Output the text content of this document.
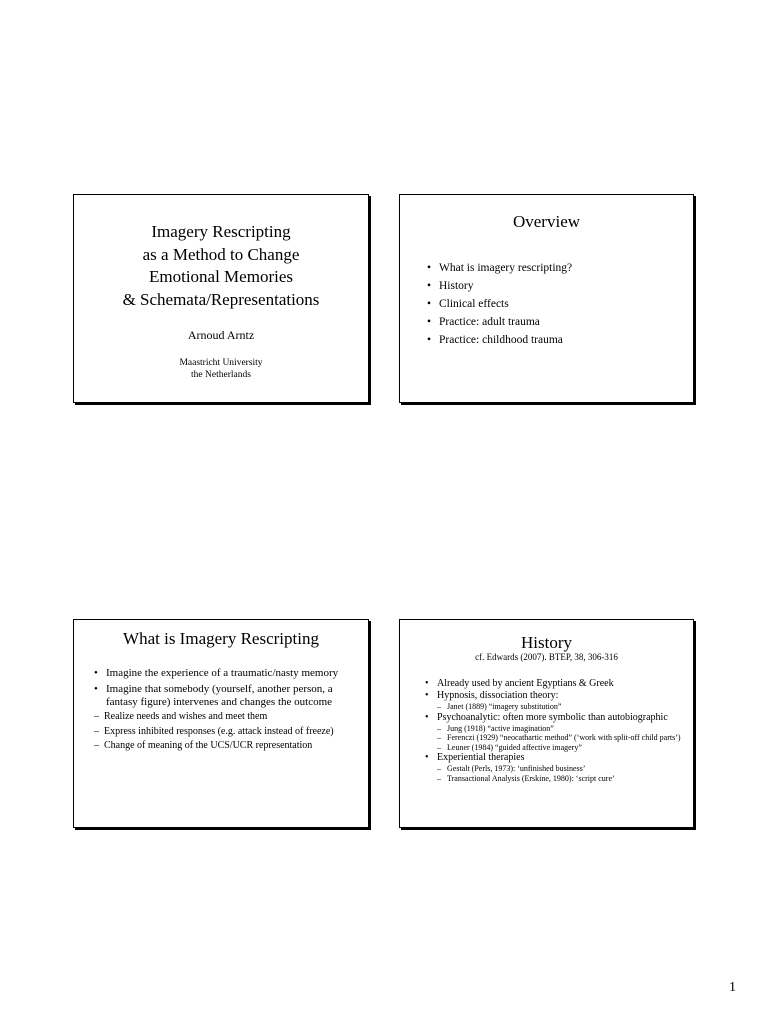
Imagery Rescripting
as a Method to Change
Emotional Memories
& Schemata/Representations
Arnoud Arntz
Maastricht University
the Netherlands
Overview
• What is imagery rescripting?
• History
• Clinical effects
• Practice: adult trauma
• Practice: childhood trauma
What is Imagery Rescripting
• Imagine the experience of a traumatic/nasty memory
• Imagine that somebody (yourself, another person, a fantasy figure) intervenes and changes the outcome
– Realize needs and wishes and meet them
– Express inhibited responses (e.g. attack instead of freeze)
– Change of meaning of the UCS/UCR representation
History
cf. Edwards (2007). BTEP, 38, 306-316
• Already used by ancient Egyptians & Greek
• Hypnosis, dissociation theory:
– Janet (1889) “imagery substitution”
• Psychoanalytic: often more symbolic than autobiographic
– Jung (1918) “active imagination”
– Ferenczi (1929) “neocathartic method” (‘work with split-off child parts’)
– Leuner (1984) “guided affective imagery”
• Experiential therapies
– Gestalt (Perls, 1973): ‘unfinished business’
– Transactional Analysis (Erskine, 1980): ‘script cure’
1
